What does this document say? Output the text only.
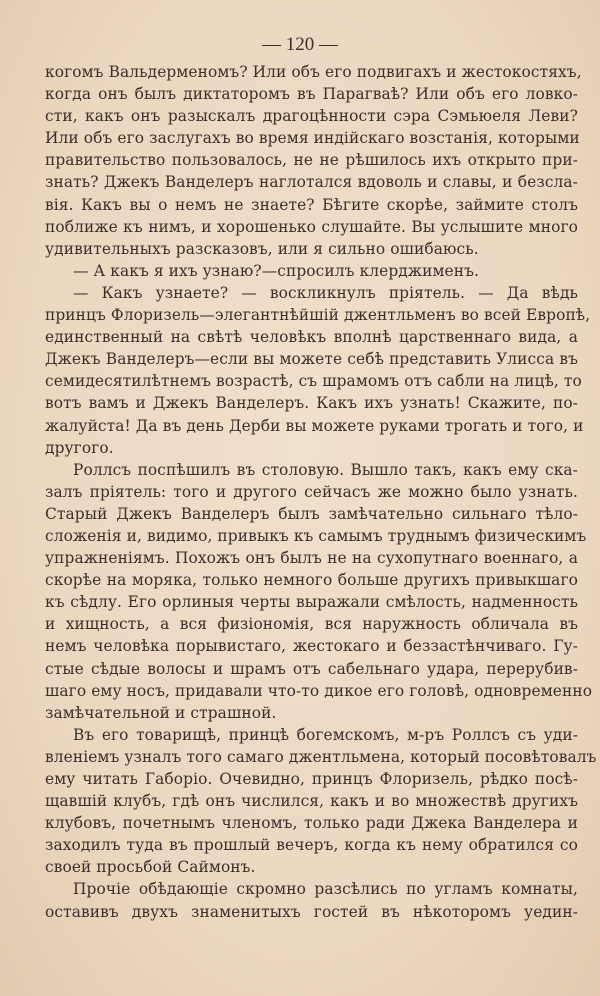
— 120 —
когомъ Вальдерменомъ? Или объ его подвигахъ и жестокостяхъ,
когда онъ былъ диктаторомъ въ Парагваѣ? Или объ его ловко-
сти, какъ онъ разыскалъ драгоцѣнности сэра Сэмьюеля Леви?
Или объ его заслугахъ во время индійскаго возстанія, которыми
правительство пользовалось, не не рѣшилось ихъ открыто при-
знать? Джекъ Ванделеръ наглотался вдоволь и славы, и безсла-
вія. Какъ вы о немъ не знаете? Бѣгите скорѣе, займите столъ
поближе къ нимъ, и хорошенько слушайте. Вы услышите много
удивительныхъ разсказовъ, или я сильно ошибаюсь.
— А какъ я ихъ узнаю?—спросилъ клерджименъ.
— Какъ узнаете? — воскликнулъ пріятель. — Да вѣдь
принцъ Флоризель—элегантнѣйшій джентльменъ во всей Европѣ,
единственный на свѣтѣ человѣкъ вполнѣ царственнаго вида, а
Джекъ Ванделеръ—если вы можете себѣ представить Улисса въ
семидесятилѣтнемъ возрастѣ, съ шрамомъ отъ сабли на лицѣ, то
вотъ вамъ и Джекъ Ванделеръ. Какъ ихъ узнать! Скажите, по-
жалуйста! Да въ день Дерби вы можете руками трогать и того, и
другого.
Роллсъ поспѣшилъ въ столовую. Вышло такъ, какъ ему ска-
залъ пріятель: того и другого сейчасъ же можно было узнать.
Старый Джекъ Ванделеръ былъ замѣчательно сильнаго тѣло-
сложенія и, видимо, привыкъ къ самымъ труднымъ физическимъ
упражненіямъ. Похожъ онъ былъ не на сухопутнаго военнаго, а
скорѣе на моряка, только немного больше другихъ привыкшаго
къ сѣдлу. Его орлиныя черты выражали смѣлость, надменность
и хищность, а вся физіономія, вся наружность обличала въ
немъ человѣка порывистаго, жестокаго и беззастѣнчиваго. Гу-
стые сѣдые волосы и шрамъ отъ сабельнаго удара, перерубив-
шаго ему носъ, придавали что-то дикое его головѣ, одновременно
замѣчательной и страшной.
Въ его товарищѣ, принцѣ богемскомъ, м-ръ Роллсъ съ уди-
вленіемъ узналъ того самаго джентльмена, который посовѣтовалъ
ему читать Габоріо. Очевидно, принцъ Флоризель, рѣдко посѣ-
щавшій клубъ, гдѣ онъ числился, какъ и во множествѣ другихъ
клубовъ, почетнымъ членомъ, только ради Джека Ванделера и
заходилъ туда въ прошлый вечеръ, когда къ нему обратился со
своей просьбой Саймонъ.
Прочіе обѣдающіе скромно разсѣлись по угламъ комнаты,
оставивъ двухъ знаменитыхъ гостей въ нѣкоторомъ уедин-
